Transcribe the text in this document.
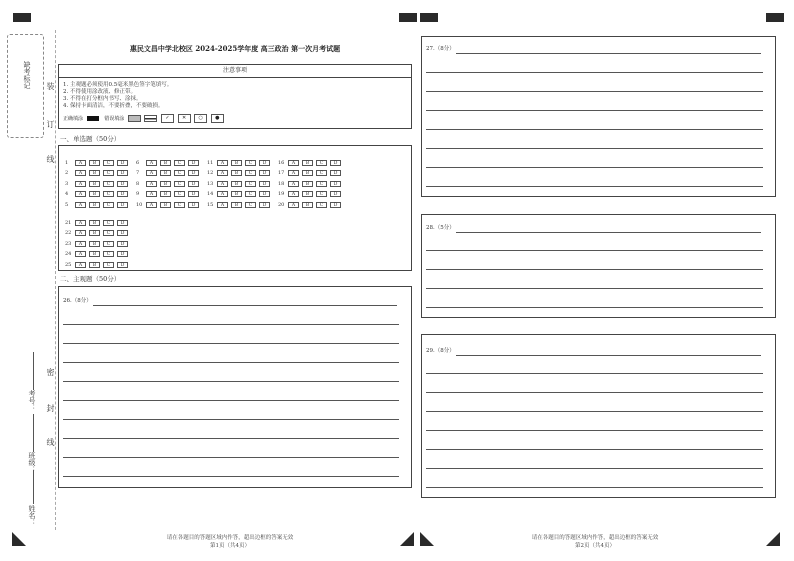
缺考标记 装
订
线
密
封
线
考号：
班级：
姓名：
惠民文昌中学北校区 2024-2025学年度 高三政治 第一次月考试题
注意事项
1. 主观题必须使用0.5毫米黑色签字笔填写。
2. 不得使用涂改液、修正带。
3. 不得在打分框内书写、涂抹。
4. 保持卡面清洁，不要折叠，不要破损。
正确填涂	错误填涂	✓ ✕ ○ ●
一、单选题（50分）
1 A B C D
2 A B C D
3 A B C D
4 A B C D
5 A B C D
6 A B C D
7 A B C D
8 A B C D
9 A B C D
10 A B C D
11 A B C D
12 A B C D
13 A B C D
14 A B C D
15 A B C D
16 A B C D
17 A B C D
18 A B C D
19 A B C D
20 A B C D
21 A B C D
22 A B C D
23 A B C D
24 A B C D
25 A B C D
二、主观题（50分）
26.（8分）
27.（8分）
28.（5分）
29.（8分）
请在各题目的答题区域内作答，超出边框的答案无效
第1页（共4页）
请在各题目的答题区域内作答，超出边框的答案无效
第2页（共4页）
